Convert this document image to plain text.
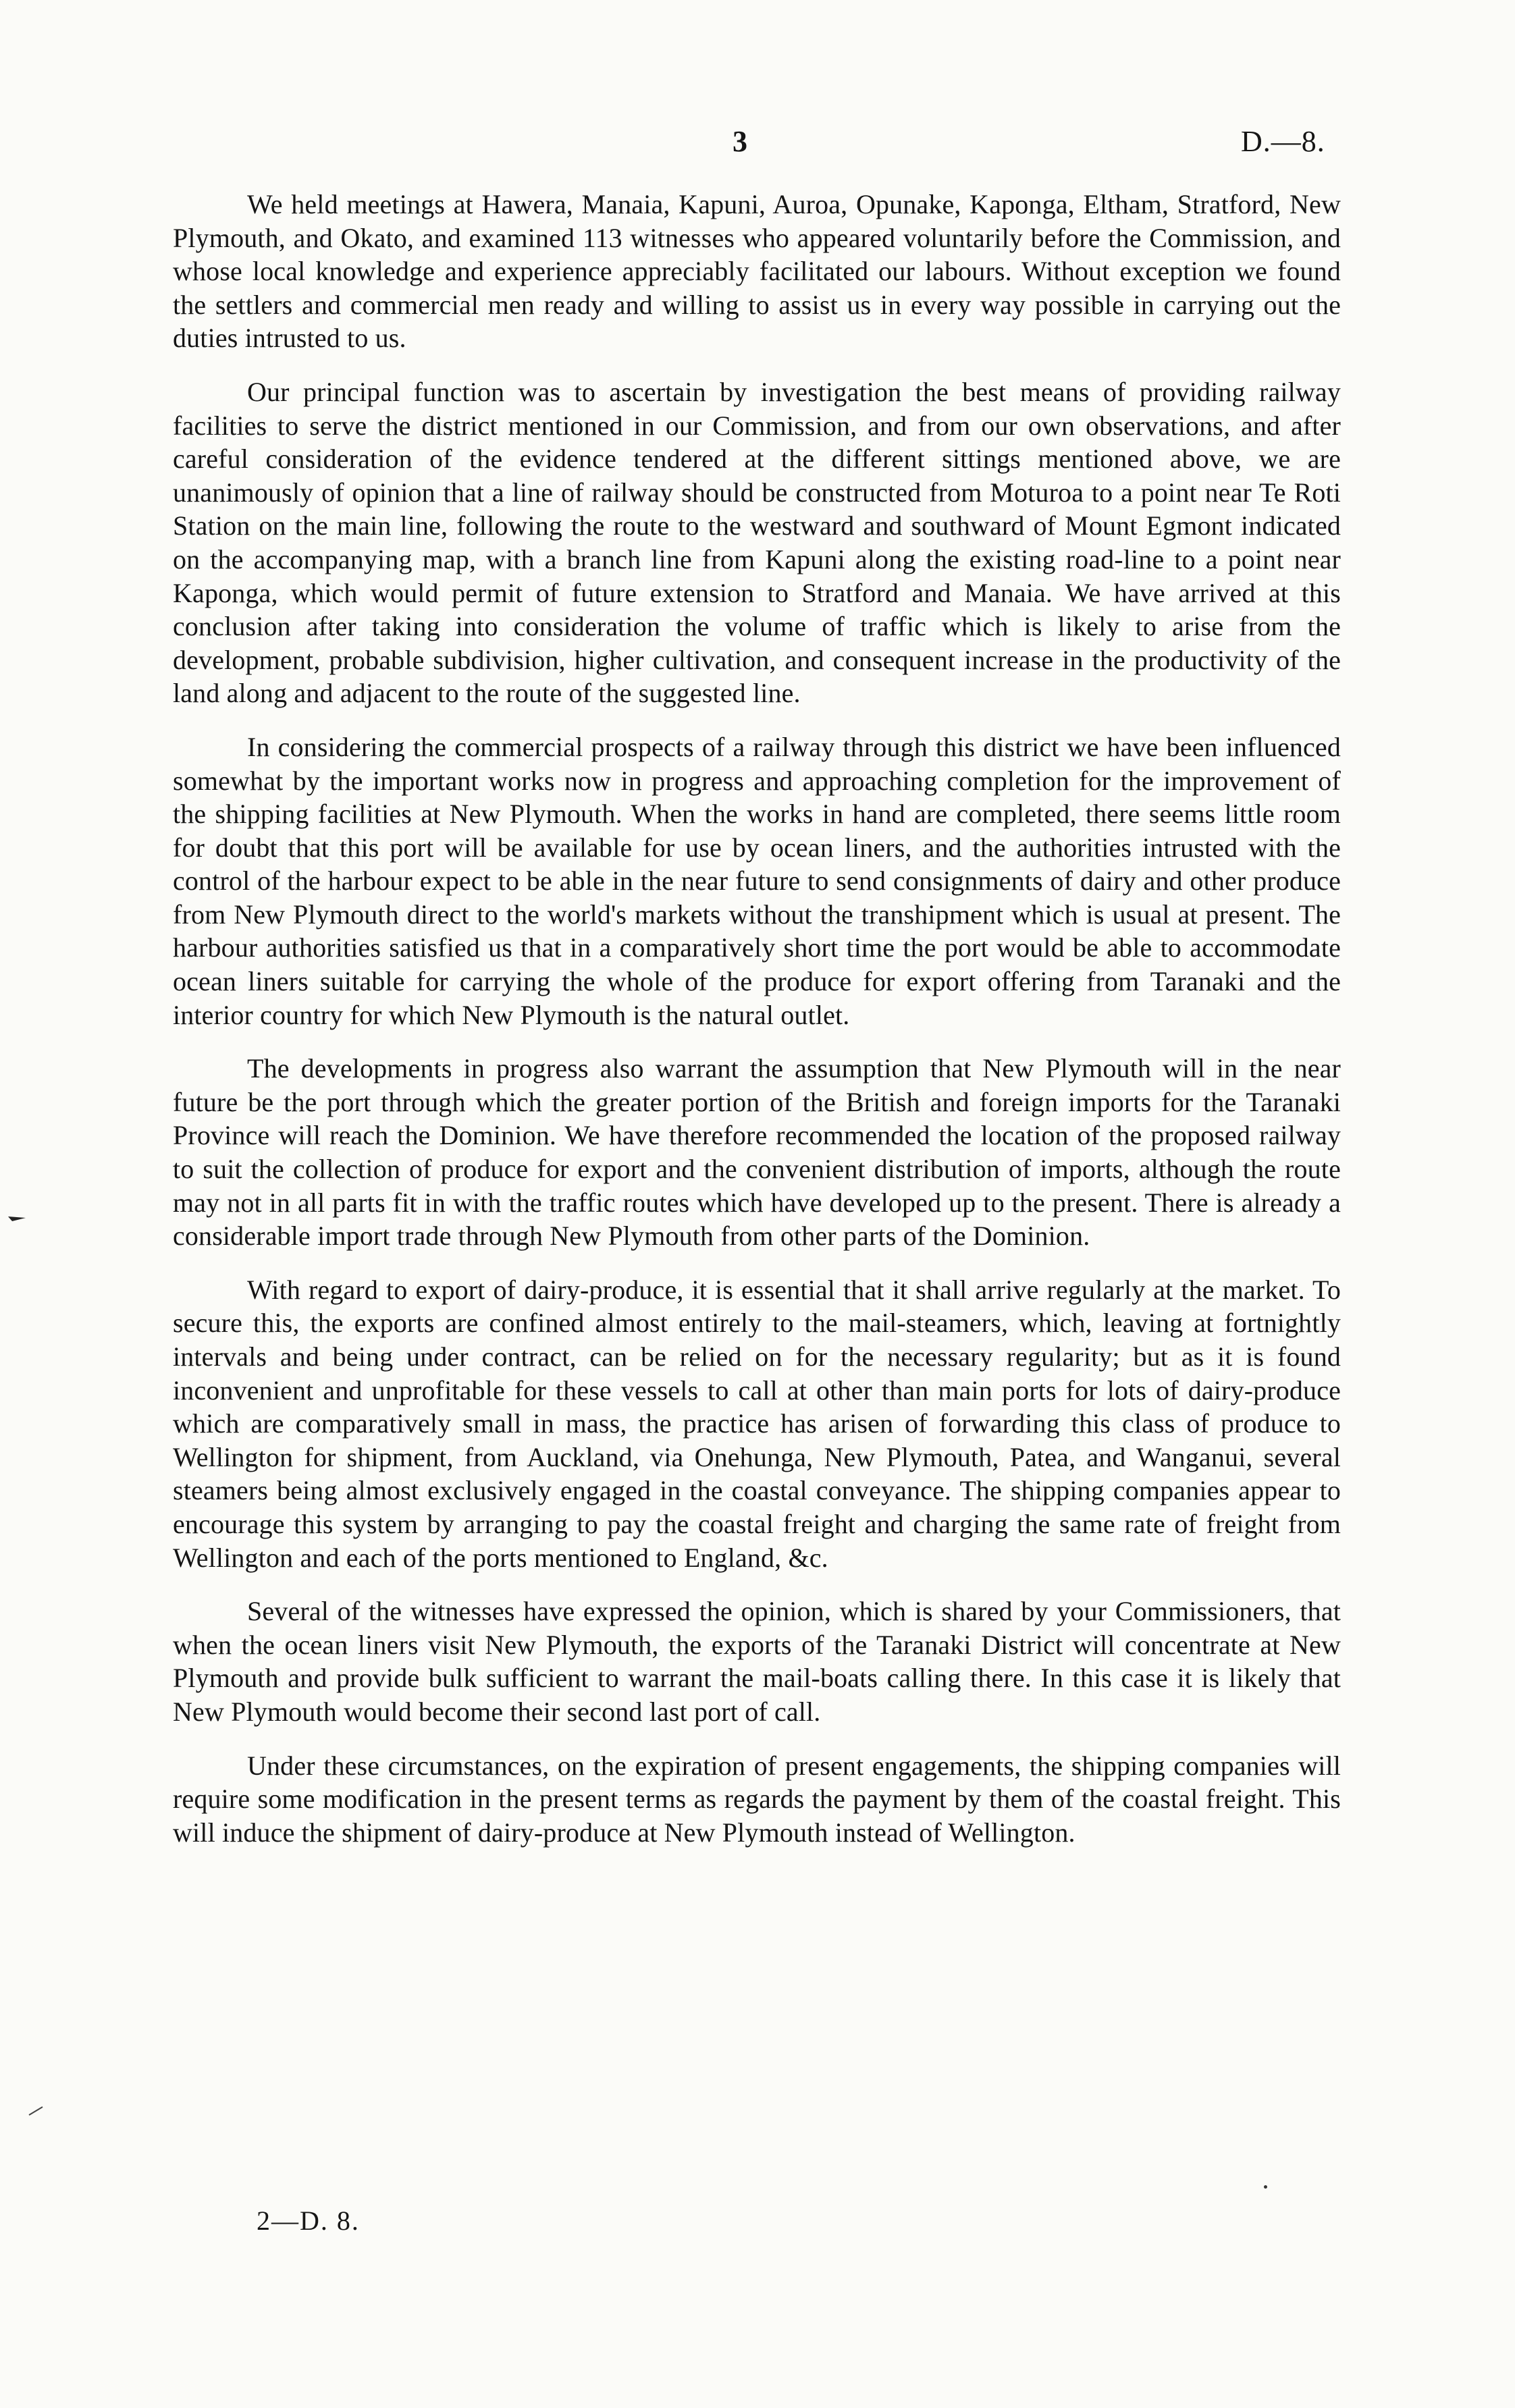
3	D.—8.

We held meetings at Hawera, Manaia, Kapuni, Auroa, Opunake, Kaponga, Eltham, Stratford, New Plymouth, and Okato, and examined 113 witnesses who appeared voluntarily before the Commission, and whose local knowledge and experience appreciably facilitated our labours. Without exception we found the settlers and commercial men ready and willing to assist us in every way possible in carrying out the duties intrusted to us.

Our principal function was to ascertain by investigation the best means of providing railway facilities to serve the district mentioned in our Commission, and from our own observations, and after careful consideration of the evidence tendered at the different sittings mentioned above, we are unanimously of opinion that a line of railway should be constructed from Moturoa to a point near Te Roti Station on the main line, following the route to the westward and southward of Mount Egmont indicated on the accompanying map, with a branch line from Kapuni along the existing road-line to a point near Kaponga, which would permit of future extension to Stratford and Manaia. We have arrived at this conclusion after taking into consideration the volume of traffic which is likely to arise from the development, probable subdivision, higher cultivation, and consequent increase in the productivity of the land along and adjacent to the route of the suggested line.

In considering the commercial prospects of a railway through this district we have been influenced somewhat by the important works now in progress and approaching completion for the improvement of the shipping facilities at New Plymouth. When the works in hand are completed, there seems little room for doubt that this port will be available for use by ocean liners, and the authorities intrusted with the control of the harbour expect to be able in the near future to send consignments of dairy and other produce from New Plymouth direct to the world's markets without the transhipment which is usual at present. The harbour authorities satisfied us that in a comparatively short time the port would be able to accommodate ocean liners suitable for carrying the whole of the produce for export offering from Taranaki and the interior country for which New Plymouth is the natural outlet.

The developments in progress also warrant the assumption that New Plymouth will in the near future be the port through which the greater portion of the British and foreign imports for the Taranaki Province will reach the Dominion. We have therefore recommended the location of the proposed railway to suit the collection of produce for export and the convenient distribution of imports, although the route may not in all parts fit in with the traffic routes which have developed up to the present. There is already a considerable import trade through New Plymouth from other parts of the Dominion.

With regard to export of dairy-produce, it is essential that it shall arrive regularly at the market. To secure this, the exports are confined almost entirely to the mail-steamers, which, leaving at fortnightly intervals and being under contract, can be relied on for the necessary regularity; but as it is found inconvenient and unprofitable for these vessels to call at other than main ports for lots of dairy-produce which are comparatively small in mass, the practice has arisen of forwarding this class of produce to Wellington for shipment, from Auckland, via Onehunga, New Plymouth, Patea, and Wanganui, several steamers being almost exclusively engaged in the coastal conveyance. The shipping companies appear to encourage this system by arranging to pay the coastal freight and charging the same rate of freight from Wellington and each of the ports mentioned to England, &c.

Several of the witnesses have expressed the opinion, which is shared by your Commissioners, that when the ocean liners visit New Plymouth, the exports of the Taranaki District will concentrate at New Plymouth and provide bulk sufficient to warrant the mail-boats calling there. In this case it is likely that New Plymouth would become their second last port of call.

Under these circumstances, on the expiration of present engagements, the shipping companies will require some modification in the present terms as regards the payment by them of the coastal freight. This will induce the shipment of dairy-produce at New Plymouth instead of Wellington.

2—D. 8.
